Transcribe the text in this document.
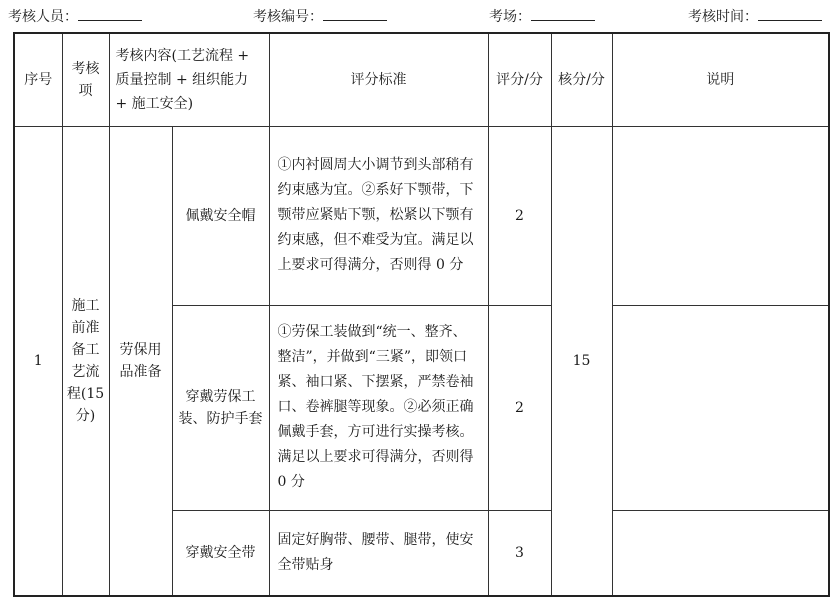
考核人员：	考核编号：	考场：	考核时间：
序号	考核项	考核内容(工艺流程 + 质量控制 + 组织能力 + 施工安全)		评分标准	评分/分	核分/分	说明
1	施工前准备工艺流程(15分)	劳保用品准备	佩戴安全帽	①内衬圆周大小调节到头部稍有约束感为宜。②系好下颚带，下颚带应紧贴下颚，松紧以下颚有约束感，但不难受为宜。满足以上要求可得满分，否则得 0 分	2	15	
			穿戴劳保工装、防护手套	①劳保工装做到“统一、整齐、整洁”，并做到“三紧”，即领口紧、袖口紧、下摆紧，严禁卷袖口、卷裤腿等现象。②必须正确佩戴手套，方可进行实操考核。满足以上要求可得满分，否则得 0 分	2		
			穿戴安全带	固定好胸带、腰带、腿带，使安全带贴身	3		
